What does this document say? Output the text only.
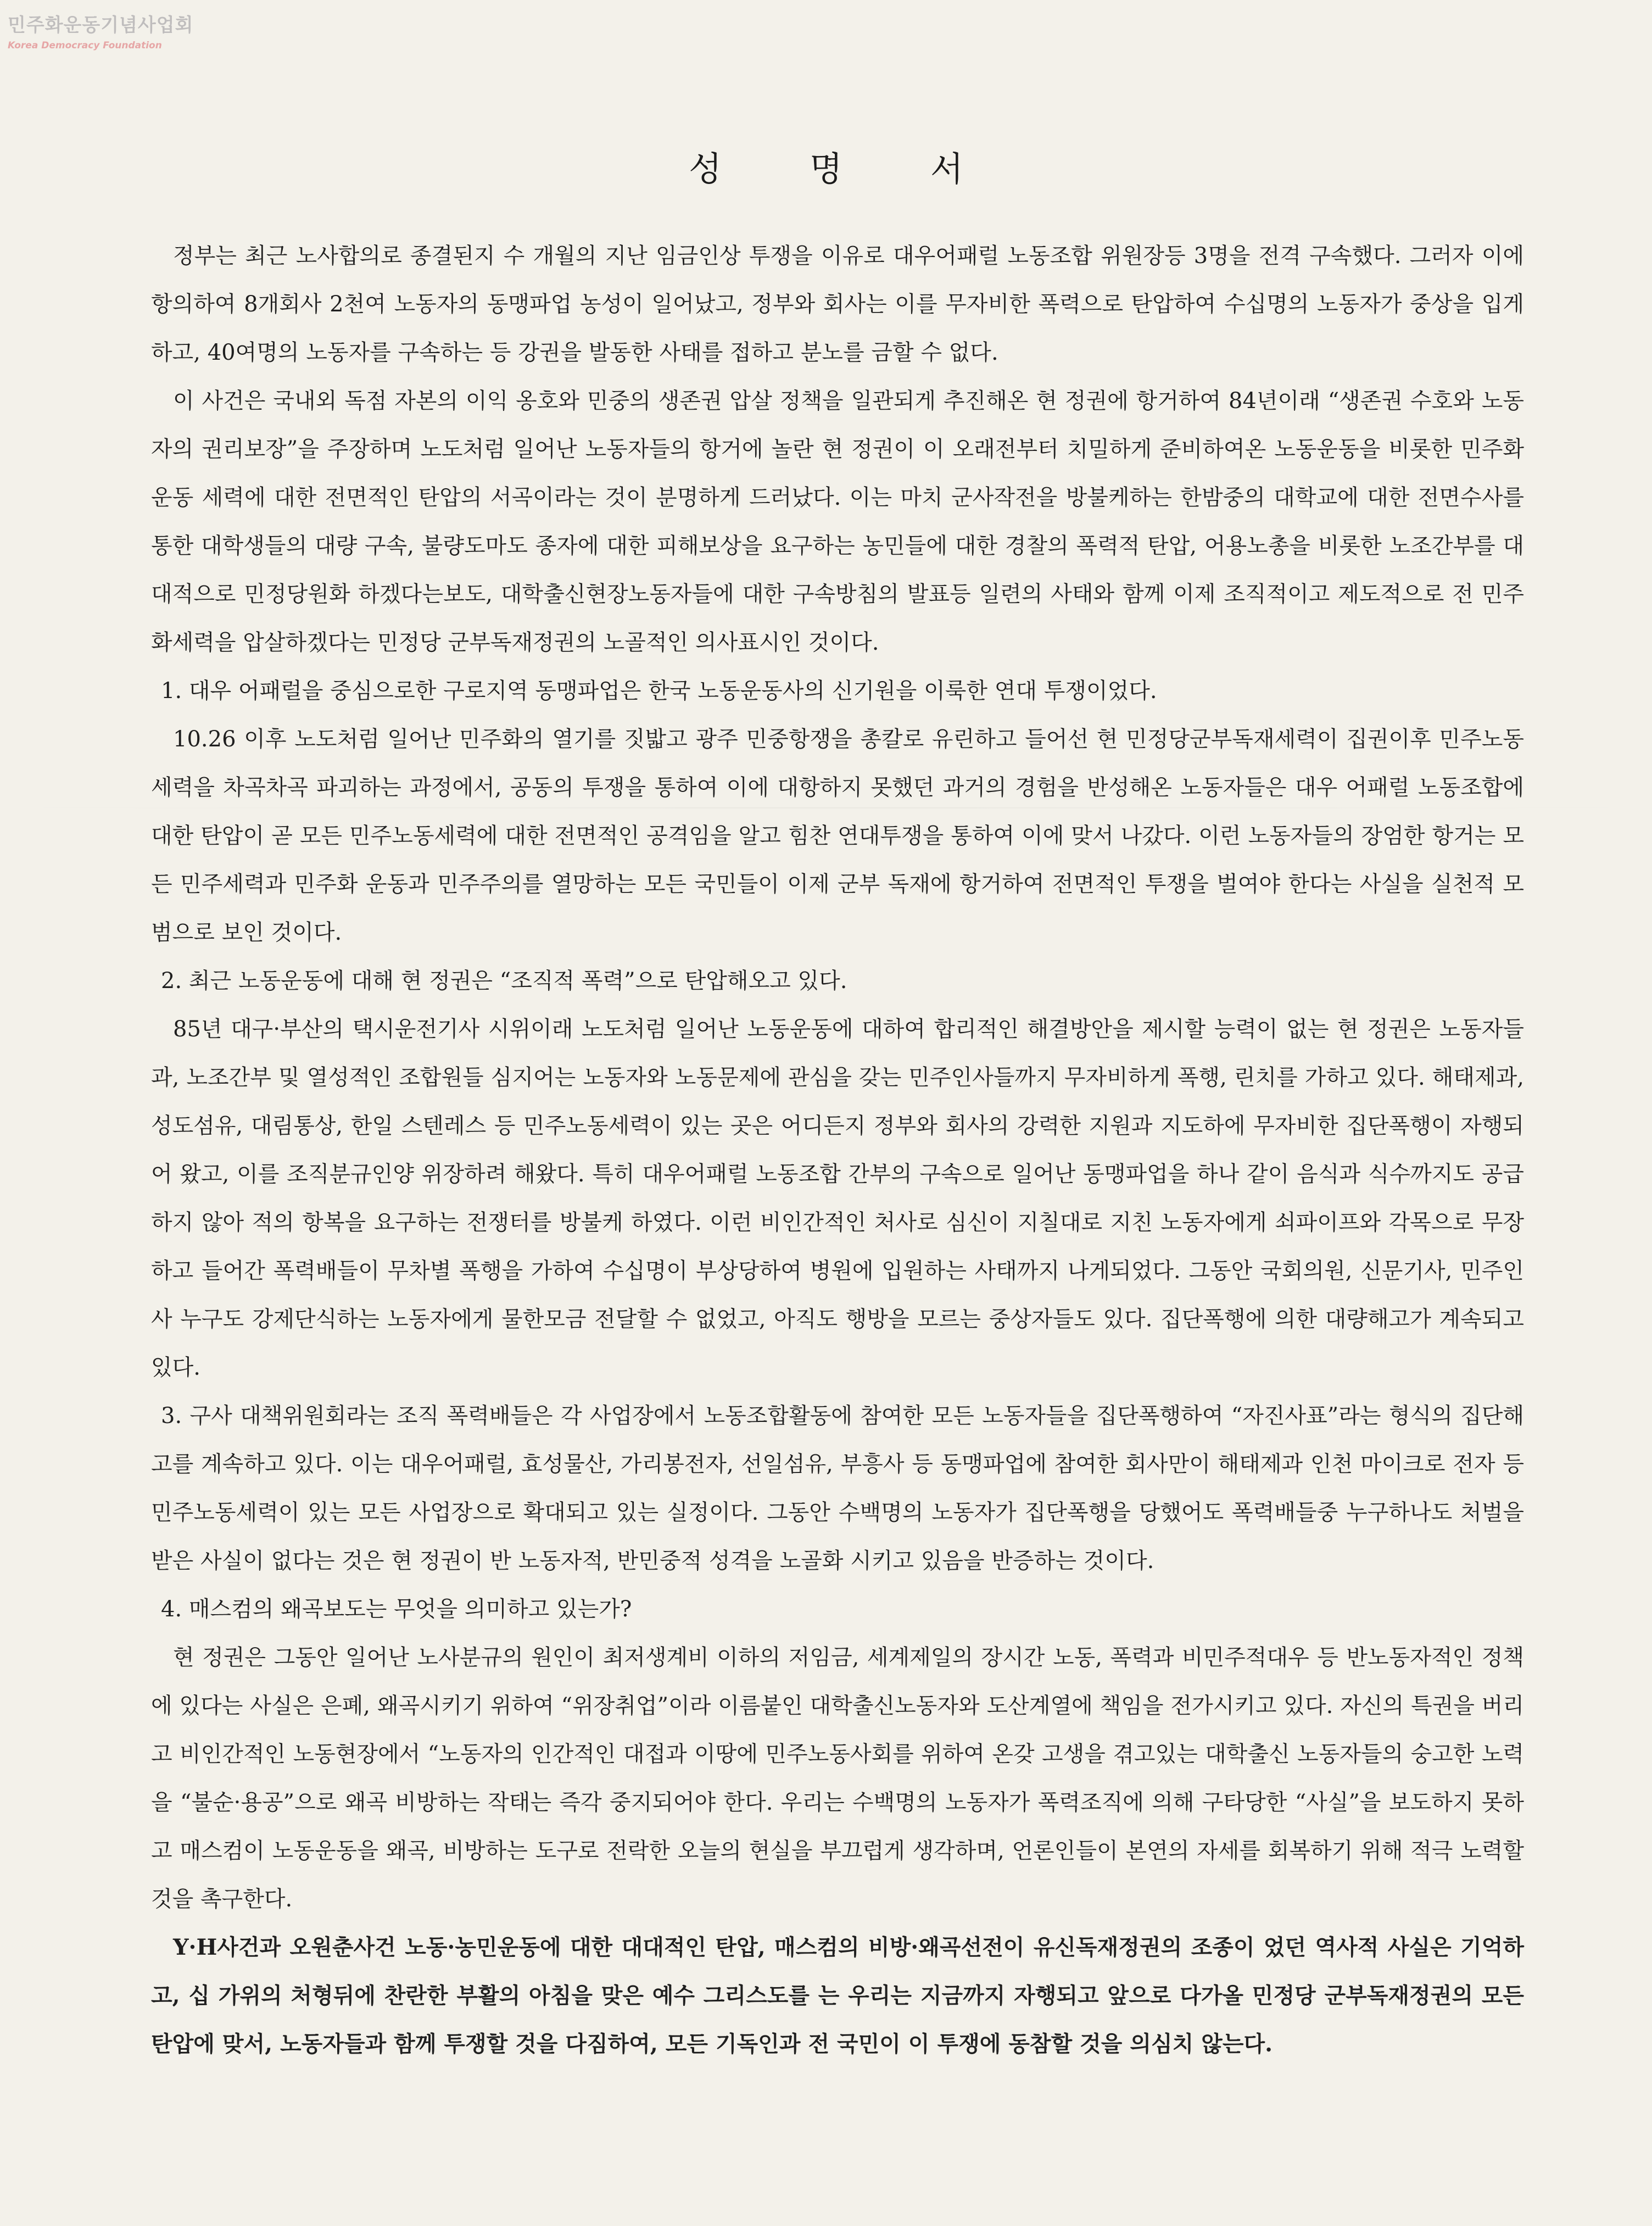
민주화운동기념사업회
Korea Democracy Foundation
성명서

정부는 최근 노사합의로 종결된지 수 개월의 지난 임금인상 투쟁을 이유로 대우어패럴 노동조합 위원장등 3명을 전격 구속했다. 그러자 이에 항의하여 8개회사 2천여 노동자의 동맹파업 농성이 일어났고, 정부와 회사는 이를 무자비한 폭력으로 탄압하여 수십명의 노동자가 중상을 입게하고, 40여명의 노동자를 구속하는 등 강권을 발동한 사태를 접하고 분노를 금할 수 없다.

이 사건은 국내외 독점 자본의 이익 옹호와 민중의 생존권 압살 정책을 일관되게 추진해온 현 정권에 항거하여 84년이래 “생존권 수호와 노동자의 권리보장”을 주장하며 노도처럼 일어난 노동자들의 항거에 놀란 현 정권이 이 오래전부터 치밀하게 준비하여온 노동운동을 비롯한 민주화운동 세력에 대한 전면적인 탄압의 서곡이라는 것이 분명하게 드러났다. 이는 마치 군사작전을 방불케하는 한밤중의 대학교에 대한 전면수사를 통한 대학생들의 대량 구속, 불량도마도 종자에 대한 피해보상을 요구하는 농민들에 대한 경찰의 폭력적 탄압, 어용노총을 비롯한 노조간부를 대대적으로 민정당원화 하겠다는보도, 대학출신현장노동자들에 대한 구속방침의 발표등 일련의 사태와 함께 이제 조직적이고 제도적으로 전 민주화세력을 압살하겠다는 민정당 군부독재정권의 노골적인 의사표시인 것이다.

1. 대우 어패럴을 중심으로한 구로지역 동맹파업은 한국 노동운동사의 신기원을 이룩한 연대 투쟁이었다.

10.26 이후 노도처럼 일어난 민주화의 열기를 짓밟고 광주 민중항쟁을 총칼로 유린하고 들어선 현 민정당군부독재세력이 집권이후 민주노동세력을 차곡차곡 파괴하는 과정에서, 공동의 투쟁을 통하여 이에 대항하지 못했던 과거의 경험을 반성해온 노동자들은 대우 어패럴 노동조합에 대한 탄압이 곧 모든 민주노동세력에 대한 전면적인 공격임을 알고 힘찬 연대투쟁을 통하여 이에 맞서 나갔다. 이런 노동자들의 장엄한 항거는 모든 민주세력과 민주화 운동과 민주주의를 열망하는 모든 국민들이 이제 군부 독재에 항거하여 전면적인 투쟁을 벌여야 한다는 사실을 실천적 모범으로 보인 것이다.

2. 최근 노동운동에 대해 현 정권은 “조직적 폭력”으로 탄압해오고 있다.

85년 대구·부산의 택시운전기사 시위이래 노도처럼 일어난 노동운동에 대하여 합리적인 해결방안을 제시할 능력이 없는 현 정권은 노동자들과, 노조간부 및 열성적인 조합원들 심지어는 노동자와 노동문제에 관심을 갖는 민주인사들까지 무자비하게 폭행, 린치를 가하고 있다. 해태제과, 성도섬유, 대림통상, 한일 스텐레스 등 민주노동세력이 있는 곳은 어디든지 정부와 회사의 강력한 지원과 지도하에 무자비한 집단폭행이 자행되어 왔고, 이를 조직분규인양 위장하려 해왔다. 특히 대우어패럴 노동조합 간부의 구속으로 일어난 동맹파업을 하나 같이 음식과 식수까지도 공급하지 않아 적의 항복을 요구하는 전쟁터를 방불케 하였다. 이런 비인간적인 처사로 심신이 지칠대로 지친 노동자에게 쇠파이프와 각목으로 무장하고 들어간 폭력배들이 무차별 폭행을 가하여 수십명이 부상당하여 병원에 입원하는 사태까지 나게되었다. 그동안 국회의원, 신문기사, 민주인사 누구도 강제단식하는 노동자에게 물한모금 전달할 수 없었고, 아직도 행방을 모르는 중상자들도 있다. 집단폭행에 의한 대량해고가 계속되고 있다.

3. 구사 대책위원회라는 조직 폭력배들은 각 사업장에서 노동조합활동에 참여한 모든 노동자들을 집단폭행하여 “자진사표”라는 형식의 집단해고를 계속하고 있다. 이는 대우어패럴, 효성물산, 가리봉전자, 선일섬유, 부흥사 등 동맹파업에 참여한 회사만이 해태제과 인천 마이크로 전자 등 민주노동세력이 있는 모든 사업장으로 확대되고 있는 실정이다. 그동안 수백명의 노동자가 집단폭행을 당했어도 폭력배들중 누구하나도 처벌을 받은 사실이 없다는 것은 현 정권이 반 노동자적, 반민중적 성격을 노골화 시키고 있음을 반증하는 것이다.

4. 매스컴의 왜곡보도는 무엇을 의미하고 있는가?

현 정권은 그동안 일어난 노사분규의 원인이 최저생계비 이하의 저임금, 세계제일의 장시간 노동, 폭력과 비민주적대우 등 반노동자적인 정책에 있다는 사실은 은폐, 왜곡시키기 위하여 “위장취업”이라 이름붙인 대학출신노동자와 도산계열에 책임을 전가시키고 있다. 자신의 특권을 버리고 비인간적인 노동현장에서 “노동자의 인간적인 대접과 이땅에 민주노동사회를 위하여 온갖 고생을 겪고있는 대학출신 노동자들의 숭고한 노력을 “불순·용공”으로 왜곡 비방하는 작태는 즉각 중지되어야 한다. 우리는 수백명의 노동자가 폭력조직에 의해 구타당한 “사실”을 보도하지 못하고 매스컴이 노동운동을 왜곡, 비방하는 도구로 전락한 오늘의 현실을 부끄럽게 생각하며, 언론인들이 본연의 자세를 회복하기 위해 적극 노력할 것을 촉구한다.

Y·H사건과 오원춘사건 노동·농민운동에 대한 대대적인 탄압, 매스컴의 비방·왜곡선전이 유신독재정권의 조종이 었던 역사적 사실은 기억하고, 십 가위의 처형뒤에 찬란한 부활의 아침을 맞은 예수 그리스도를 는 우리는 지금까지 자행되고 앞으로 다가올 민정당 군부독재정권의 모든 탄압에 맞서, 노동자들과 함께 투쟁할 것을 다짐하여, 모든 기독인과 전 국민이 이 투쟁에 동참할 것을 의심치 않는다.
